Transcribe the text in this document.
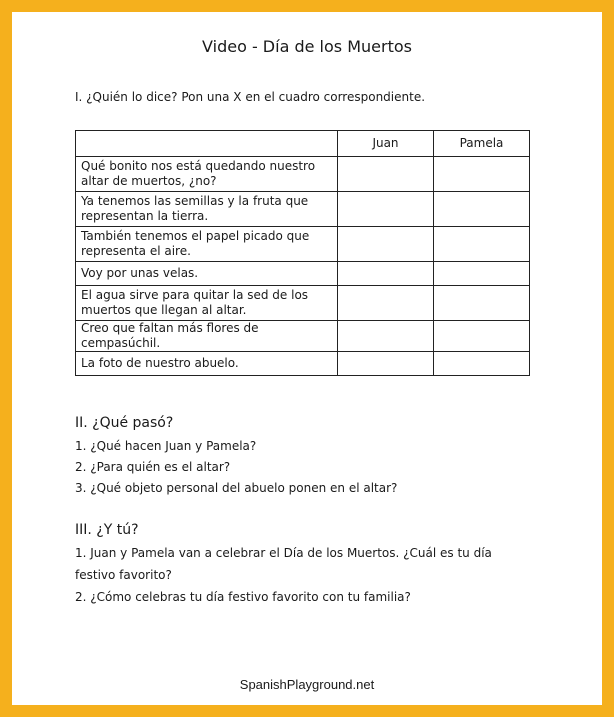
Video - Día de los Muertos
I. ¿Quién lo dice? Pon una X en el cuadro correspondiente.
	Juan	Pamela
Qué bonito nos está quedando nuestro altar de muertos, ¿no?		
Ya tenemos las semillas y la fruta que representan la tierra.		
También tenemos el papel picado que representa el aire.		
Voy por unas velas.		
El agua sirve para quitar la sed de los muertos que llegan al altar.		
Creo que faltan más flores de cempasúchil.		
La foto de nuestro abuelo.		
II. ¿Qué pasó?
1. ¿Qué hacen Juan y Pamela?
2. ¿Para quién es el altar?
3. ¿Qué objeto personal del abuelo ponen en el altar?
III. ¿Y tú?
1. Juan y Pamela van a celebrar el Día de los Muertos. ¿Cuál es tu día festivo favorito?
2. ¿Cómo celebras tu día festivo favorito con tu familia?
SpanishPlayground.net
